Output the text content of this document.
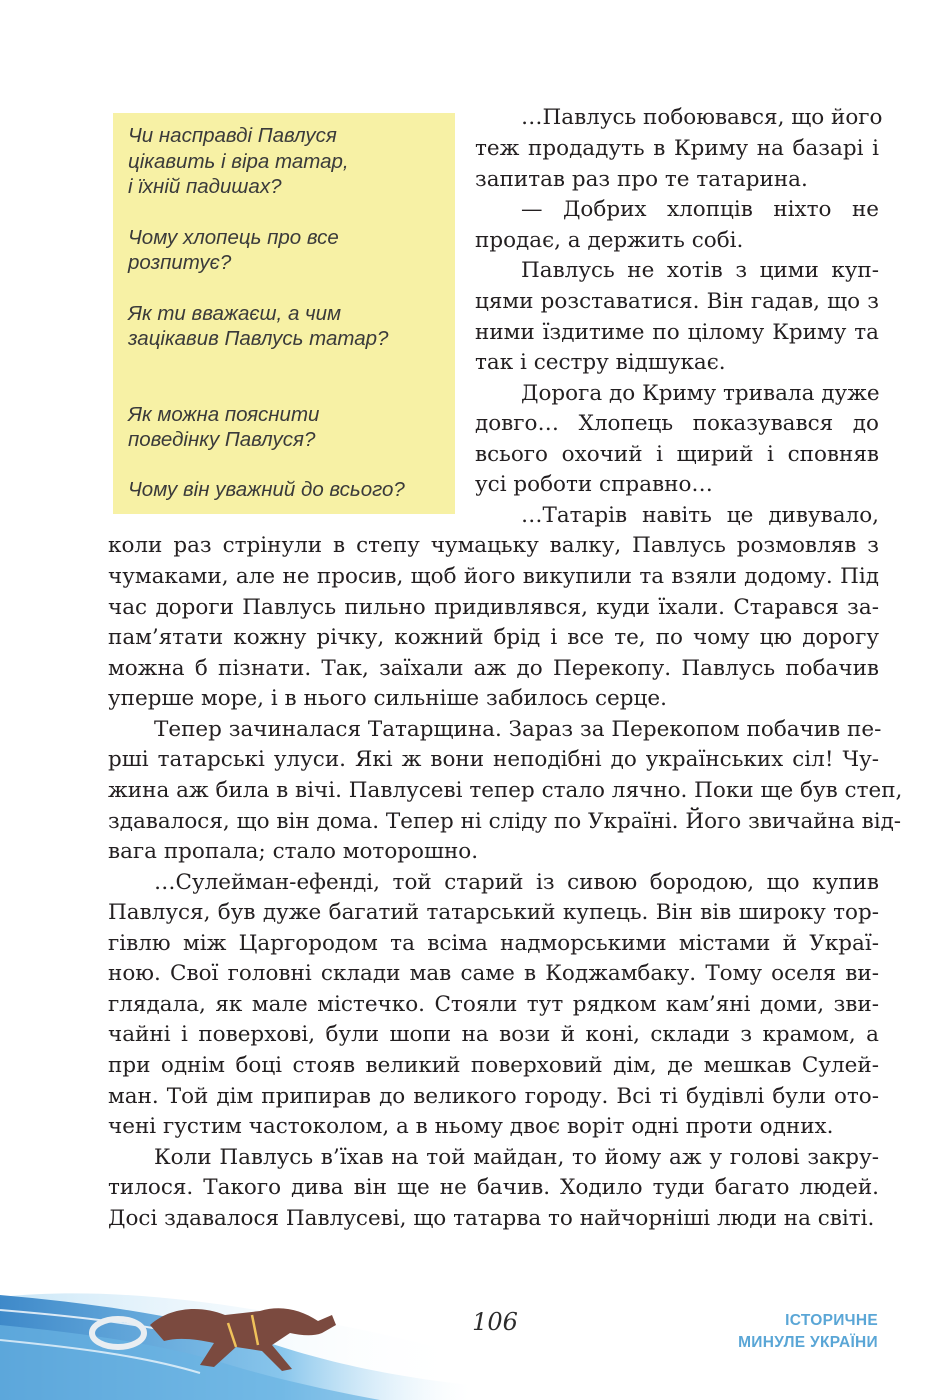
Чи насправді Павлуся
цікавить і віра татар,
і їхній падишах?

Чому хлопець про все
розпитує?

Як ти вважаєш, а чим
зацікавив Павлусь татар?

Як можна пояснити
поведінку Павлуся?

Чому він уважний до всього?

…Павлусь побоювався, що його
теж продадуть в Криму на базарі і
запитав раз про те татарина.
— Добрих хлопців ніхто не
продає, а держить собі.
Павлусь не хотів з цими куп-
цями розставатися. Він гадав, що з
ними їздитиме по цілому Криму та
так і сестру відшукає.
Дорога до Криму тривала дуже
довго… Хлопець показувався до
всього охочий і щирий і сповняв
усі роботи справно…
…Татарів навіть це дивувало,
коли раз стрінули в степу чумацьку валку, Павлусь розмовляв з
чумаками, але не просив, щоб його викупили та взяли додому. Під
час дороги Павлусь пильно придивлявся, куди їхали. Старався за-
пам’ятати кожну річку, кожний брід і все те, по чому цю дорогу
можна б пізнати. Так, заїхали аж до Перекопу. Павлусь побачив
уперше море, і в нього сильніше забилось серце.
Тепер зачиналася Татарщина. Зараз за Перекопом побачив пе-
рші татарські улуси. Які ж вони неподібні до українських сіл! Чу-
жина аж била в вічі. Павлусеві тепер стало лячно. Поки ще був степ,
здавалося, що він дома. Тепер ні сліду по Україні. Його звичайна від-
вага пропала; стало моторошно.
…Сулейман-ефенді, той старий із сивою бородою, що купив
Павлуся, був дуже багатий татарський купець. Він вів широку тор-
гівлю між Царгородом та всіма надморськими містами й Украї-
ною. Свої головні склади мав саме в Коджамбаку. Тому оселя ви-
глядала, як мале містечко. Стояли тут рядком кам’яні доми, зви-
чайні і поверхові, були шопи на вози й коні, склади з крамом, а
при однім боці стояв великий поверховий дім, де мешкав Сулей-
ман. Той дім припирав до великого городу. Всі ті будівлі були ото-
чені густим частоколом, а в ньому двоє воріт одні проти одних.
Коли Павлусь в’їхав на той майдан, то йому аж у голові закру-
тилося. Такого дива він ще не бачив. Ходило туди багато людей.
Досі здавалося Павлусеві, що татарва то найчорніші люди на світі.
106	ІСТОРИЧНЕ
МИНУЛЕ УКРАЇНИ
